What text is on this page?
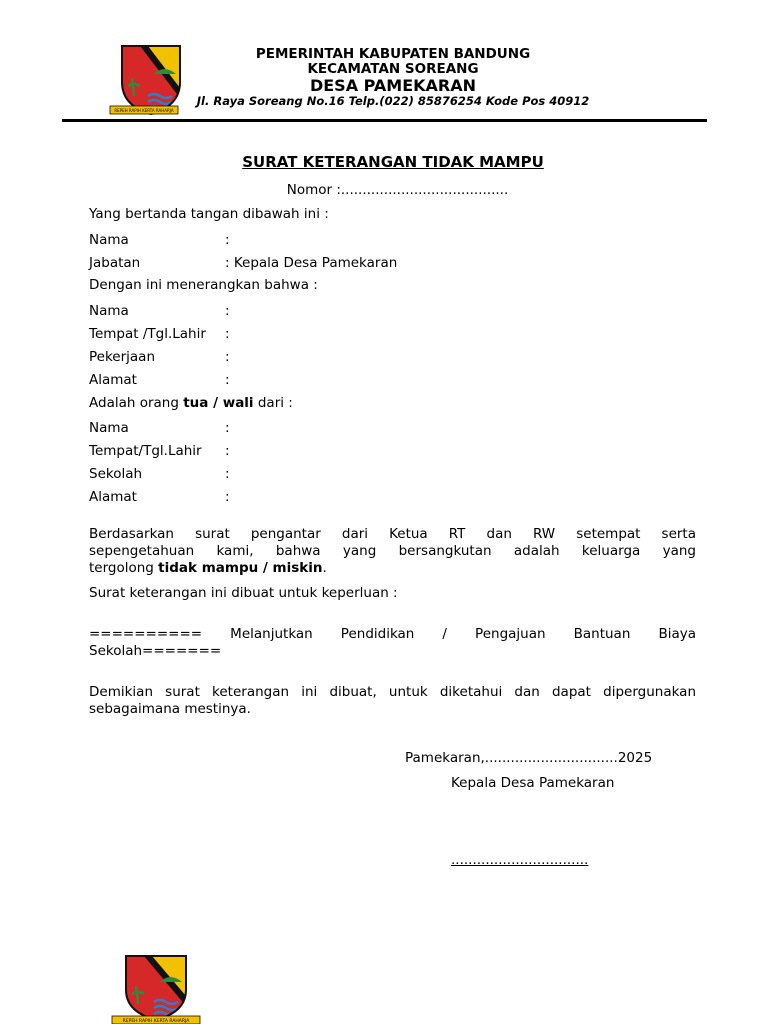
REPEH RAPIH KERTA RAHARJA
PEMERINTAH KABUPATEN BANDUNG
KECAMATAN SOREANG
DESA PAMEKARAN
Jl. Raya Soreang No.16 Telp.(022) 85876254 Kode Pos 40912
SURAT KETERANGAN TIDAK MAMPU
Nomor :.......................................
Yang bertanda tangan dibawah ini :
Nama	:
Jabatan	: Kepala Desa Pamekaran
Dengan ini menerangkan bahwa :
Nama	:
Tempat /Tgl.Lahir :
Pekerjaan	:
Alamat	:
Adalah orang tua / wali dari :
Nama	:
Tempat/Tgl.Lahir :
Sekolah	:
Alamat	:
Berdasarkan surat pengantar dari Ketua RT dan RW setempat serta
sepengetahuan kami, bahwa yang bersangkutan adalah keluarga yang
tergolong tidak mampu / miskin.
Surat keterangan ini dibuat untuk keperluan :
========== Melanjutkan Pendidikan / Pengajuan Bantuan Biaya
Sekolah=======
Demikian surat keterangan ini dibuat, untuk diketahui dan dapat dipergunakan
sebagaimana mestinya.
Pamekaran,...............................2025
Kepala Desa Pamekaran
................................
REPEH RAPIH KERTA RAHARJA
